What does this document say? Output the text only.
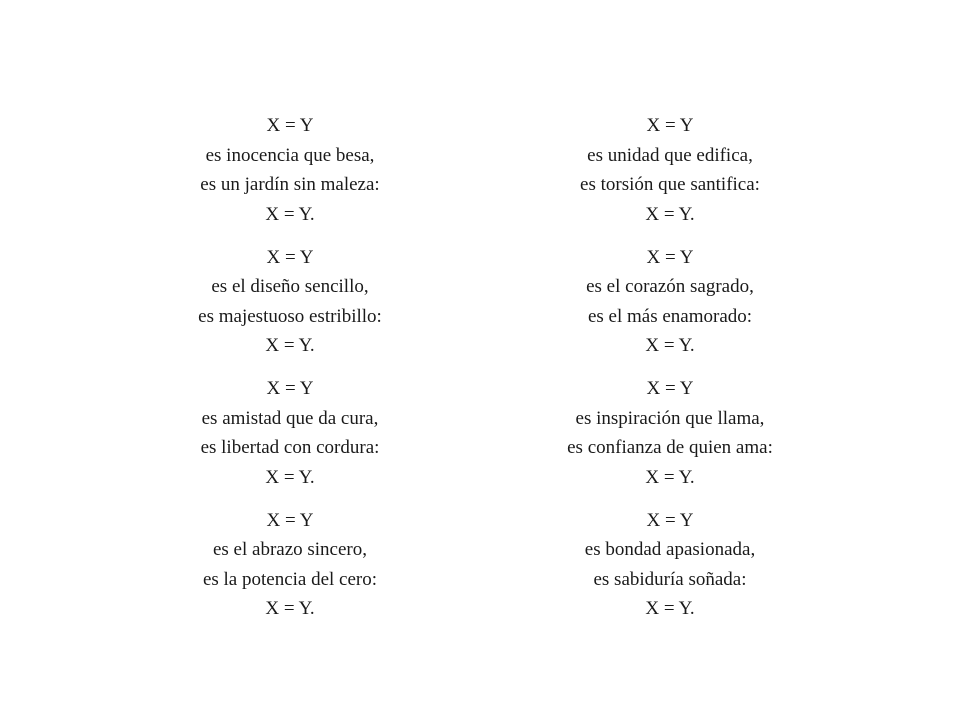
X = Y
es inocencia que besa,
es un jardín sin maleza:
X = Y.
X = Y
es el diseño sencillo,
es majestuoso estribillo:
X = Y.
X = Y
es amistad que da cura,
es libertad con cordura:
X = Y.
X = Y
es el abrazo sincero,
es la potencia del cero:
X = Y.
X = Y
es unidad que edifica,
es torsión que santifica:
X = Y.
X = Y
es el corazón sagrado,
es el más enamorado:
X = Y.
X = Y
es inspiración que llama,
es confianza de quien ama:
X = Y.
X = Y
es bondad apasionada,
es sabiduría soñada:
X = Y.
